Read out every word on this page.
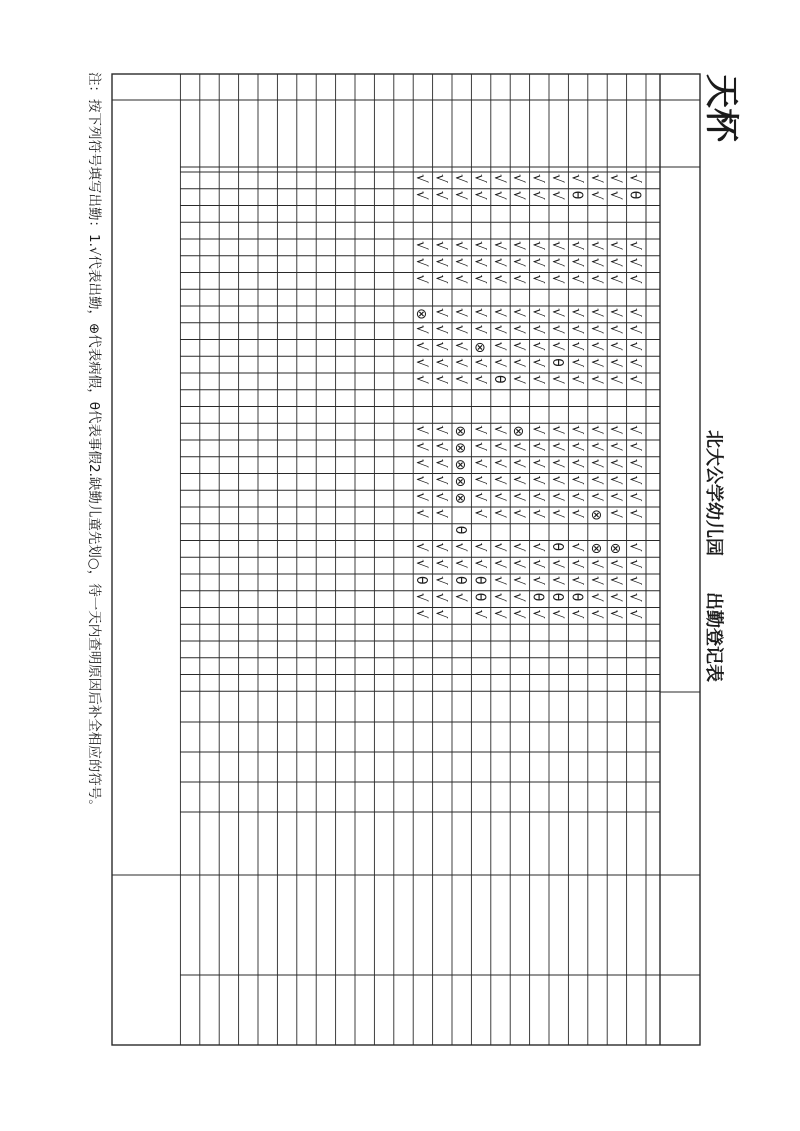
天杯
北大公学幼儿园　　出勤登记表
√
θ
√
√
√
√
√
√
√
√
√
√
√
√
√
√
√
√
√
√
√
√
√
√
√
√
√
√
√
√
√
√
√
√
√
√
√
⊗
√
√
√
√
√
√
√
√
√
√
√
√
√
√
√
√
√
√
√
⊗
⊗
√
√
√
√
√
θ
√
√
√
√
√
√
√
√
√
√
√
√
√
√
√
√
√
θ
√
√
√
√
√
√
√
√
√
θ
√
√
√
√
√
√
√
θ
√
√
θ
√
√
√
√
√
√
√
√
√
√
√
√
√
√
√
√
√
√
√
√
θ
√
√
√
√
√
√
√
√
√
√
√
⊗
√
√
√
√
√
√
√
√
√
√
√
√
√
√
√
√
√
√
√
θ
√
√
√
√
√
√
√
√
√
√
√
√
√
√
√
√
√
√
⊗
√
√
√
√
√
√
√
√
√
√
θ
θ
√
√
√
√
√
√
√
√
√
√
√
⊗
⊗
⊗
⊗
⊗
θ
√
√
θ
√
√
√
√
√
√
√
√
√
√
√
√
√
√
√
√
√
√
√
√
√
√
√
√
√
√
√
⊗
√
√
√
√
√
√
√
√
√
√
√
√
θ
√
√
注：按下列符号填写出勤：1.√代表出勤，⊕代表病假，θ代表事假2.缺勤儿童先划○，待一天内查明原因后补全相应的符号。
